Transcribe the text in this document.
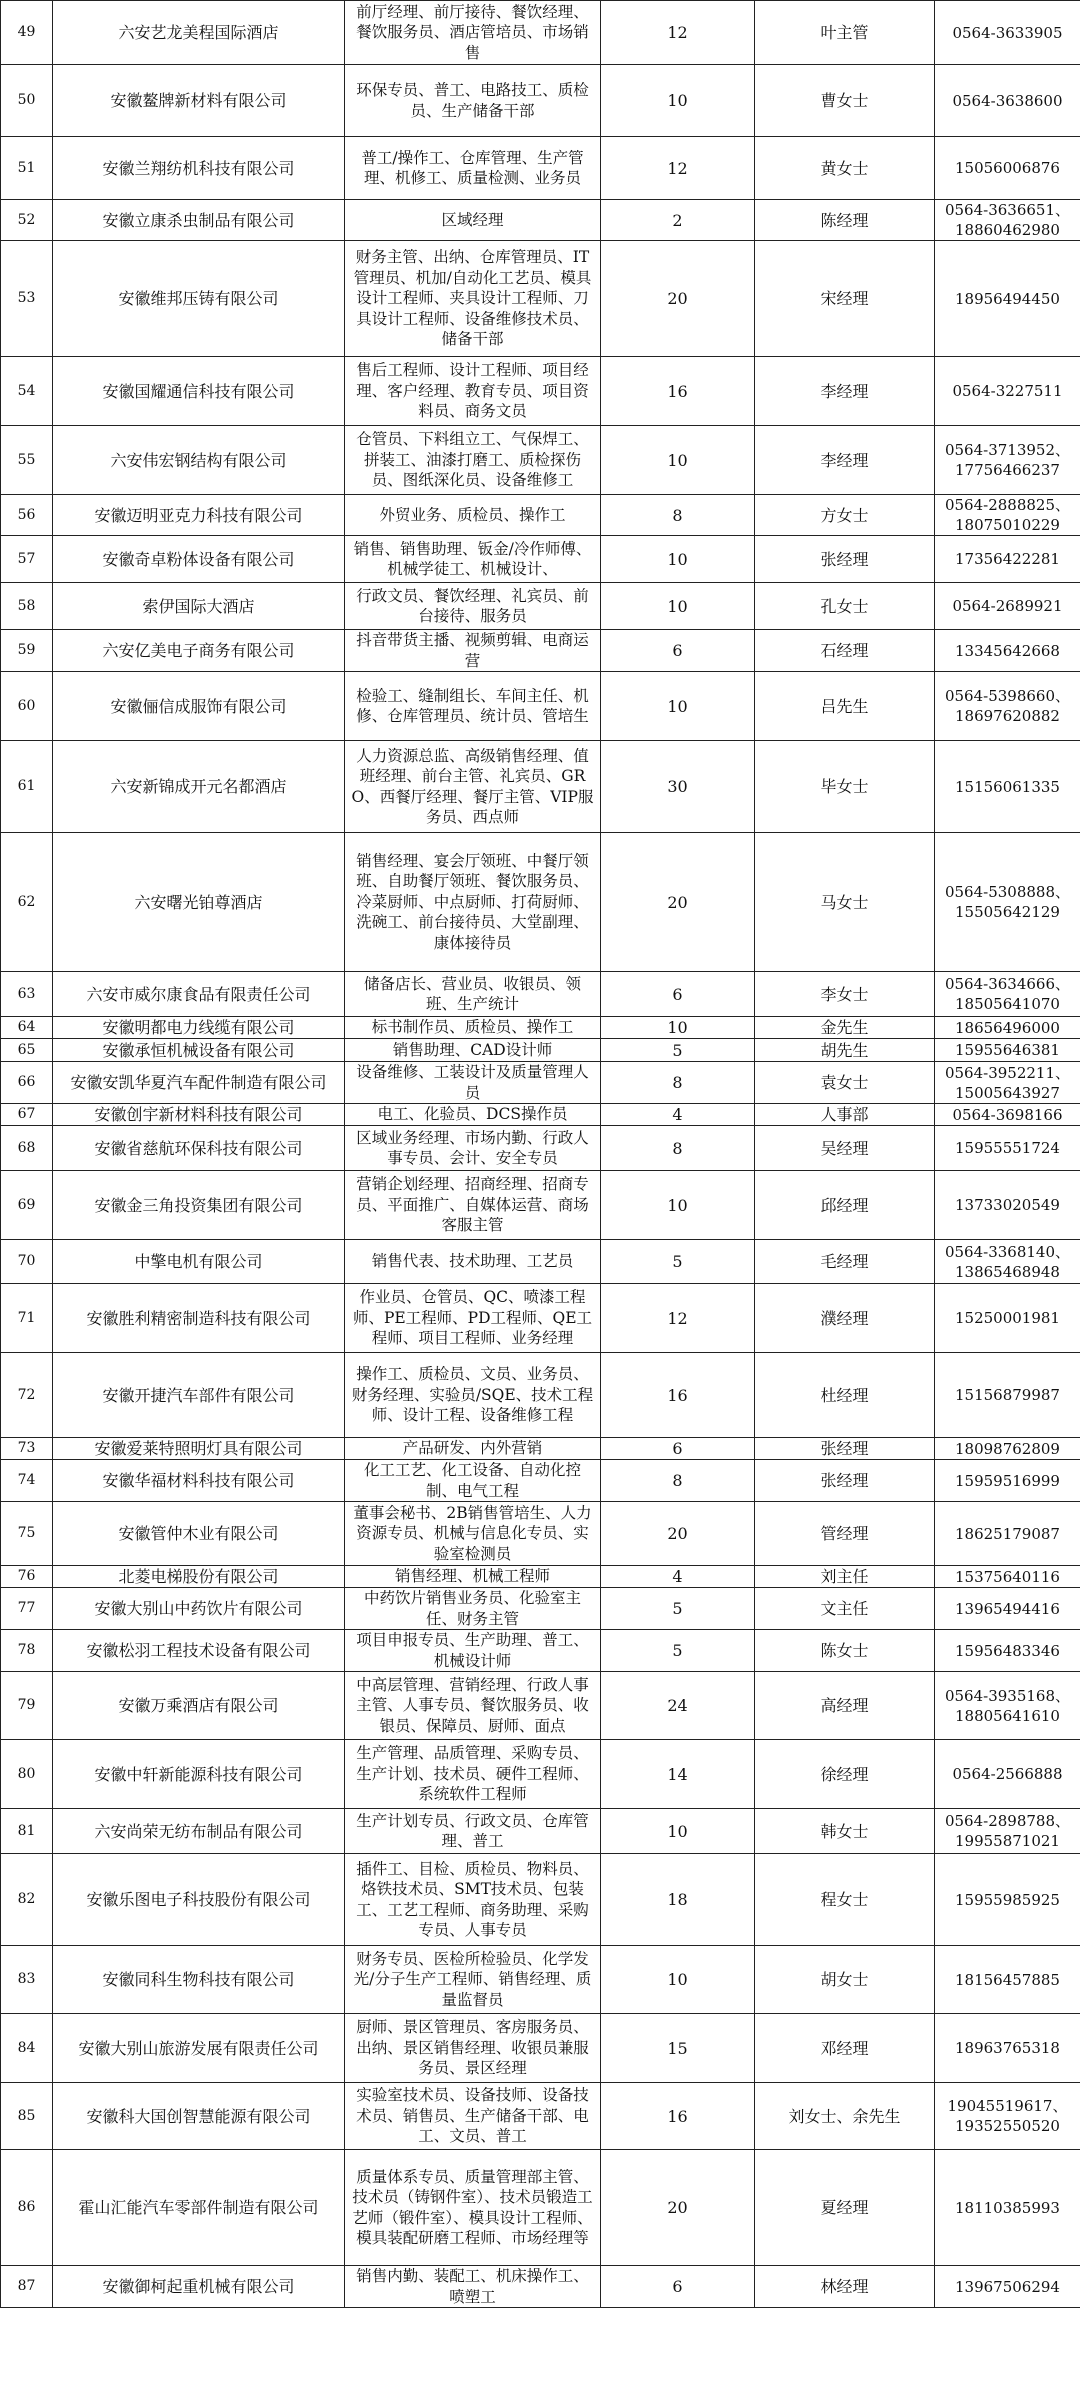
49	六安艺龙美程国际酒店	前厅经理、前厅接待、餐饮经理、餐饮服务员、酒店管培员、市场销售	12	叶主管	0564-3633905
50	安徽鳌牌新材料有限公司	环保专员、普工、电路技工、质检员、生产储备干部	10	曹女士	0564-3638600
51	安徽兰翔纺机科技有限公司	普工/操作工、仓库管理、生产管理、机修工、质量检测、业务员	12	黄女士	15056006876
52	安徽立康杀虫制品有限公司	区域经理	2	陈经理	0564-3636651、
18860462980
53	安徽维邦压铸有限公司	财务主管、出纳、仓库管理员、IT管理员、机加/自动化工艺员、模具设计工程师、夹具设计工程师、刀具设计工程师、设备维修技术员、储备干部	20	宋经理	18956494450
54	安徽国耀通信科技有限公司	售后工程师、设计工程师、项目经理、客户经理、教育专员、项目资料员、商务文员	16	李经理	0564-3227511
55	六安伟宏钢结构有限公司	仓管员、下料组立工、气保焊工、拼装工、油漆打磨工、质检探伤员、图纸深化员、设备维修工	10	李经理	0564-3713952、
17756466237
56	安徽迈明亚克力科技有限公司	外贸业务、质检员、操作工	8	方女士	0564-2888825、
18075010229
57	安徽奇卓粉体设备有限公司	销售、销售助理、钣金/冷作师傅、机械学徒工、机械设计、	10	张经理	17356422281
58	索伊国际大酒店	行政文员、餐饮经理、礼宾员、前台接待、服务员	10	孔女士	0564-2689921
59	六安亿美电子商务有限公司	抖音带货主播、视频剪辑、电商运营	6	石经理	13345642668
60	安徽俪信成服饰有限公司	检验工、缝制组长、车间主任、机修、仓库管理员、统计员、管培生	10	吕先生	0564-5398660、
18697620882
61	六安新锦成开元名都酒店	人力资源总监、高级销售经理、值班经理、前台主管、礼宾员、GRO、西餐厅经理、餐厅主管、VIP服务员、西点师	30	毕女士	15156061335
62	六安曙光铂尊酒店	销售经理、宴会厅领班、中餐厅领班、自助餐厅领班、餐饮服务员、冷菜厨师、中点厨师、打荷厨师、洗碗工、前台接待员、大堂副理、康体接待员	20	马女士	0564-5308888、
15505642129
63	六安市威尔康食品有限责任公司	储备店长、营业员、收银员、领班、生产统计	6	李女士	0564-3634666、
18505641070
64	安徽明都电力线缆有限公司	标书制作员、质检员、操作工	10	金先生	18656496000
65	安徽承恒机械设备有限公司	销售助理、CAD设计师	5	胡先生	15955646381
66	安徽安凯华夏汽车配件制造有限公司	设备维修、工装设计及质量管理人员	8	袁女士	0564-3952211、
15005643927
67	安徽创宇新材料科技有限公司	电工、化验员、DCS操作员	4	人事部	0564-3698166
68	安徽省慈航环保科技有限公司	区域业务经理、市场内勤、行政人事专员、会计、安全专员	8	吴经理	15955551724
69	安徽金三角投资集团有限公司	营销企划经理、招商经理、招商专员、平面推广、自媒体运营、商场客服主管	10	邱经理	13733020549
70	中擎电机有限公司	销售代表、技术助理、工艺员	5	毛经理	0564-3368140、
13865468948
71	安徽胜利精密制造科技有限公司	作业员、仓管员、QC、喷漆工程师、PE工程师、PD工程师、QE工程师、项目工程师、业务经理	12	濮经理	15250001981
72	安徽开捷汽车部件有限公司	操作工、质检员、文员、业务员、财务经理、实验员/SQE、技术工程师、设计工程、设备维修工程	16	杜经理	15156879987
73	安徽爱莱特照明灯具有限公司	产品研发、内外营销	6	张经理	18098762809
74	安徽华福材料科技有限公司	化工工艺、化工设备、自动化控制、电气工程	8	张经理	15959516999
75	安徽管仲木业有限公司	董事会秘书、2B销售管培生、人力资源专员、机械与信息化专员、实验室检测员	20	管经理	18625179087
76	北菱电梯股份有限公司	销售经理、机械工程师	4	刘主任	15375640116
77	安徽大别山中药饮片有限公司	中药饮片销售业务员、化验室主任、财务主管	5	文主任	13965494416
78	安徽松羽工程技术设备有限公司	项目申报专员、生产助理、普工、机械设计师	5	陈女士	15956483346
79	安徽万乘酒店有限公司	中高层管理、营销经理、行政人事主管、人事专员、餐饮服务员、收银员、保障员、厨师、面点	24	高经理	0564-3935168、
18805641610
80	安徽中轩新能源科技有限公司	生产管理、品质管理、采购专员、生产计划、技术员、硬件工程师、系统软件工程师	14	徐经理	0564-2566888
81	六安尚荣无纺布制品有限公司	生产计划专员、行政文员、仓库管理、普工	10	韩女士	0564-2898788、
19955871021
82	安徽乐图电子科技股份有限公司	插件工、目检、质检员、物料员、烙铁技术员、SMT技术员、包装工、工艺工程师、商务助理、采购专员、人事专员	18	程女士	15955985925
83	安徽同科生物科技有限公司	财务专员、医检所检验员、化学发光/分子生产工程师、销售经理、质量监督员	10	胡女士	18156457885
84	安徽大别山旅游发展有限责任公司	厨师、景区管理员、客房服务员、出纳、景区销售经理、收银员兼服务员、景区经理	15	邓经理	18963765318
85	安徽科大国创智慧能源有限公司	实验室技术员、设备技师、设备技术员、销售员、生产储备干部、电工、文员、普工	16	刘女士、余先生	19045519617、
19352550520
86	霍山汇能汽车零部件制造有限公司	质量体系专员、质量管理部主管、技术员（铸钢件室）、技术员锻造工艺师（锻件室）、模具设计工程师、模具装配研磨工程师、市场经理等	20	夏经理	18110385993
87	安徽御柯起重机械有限公司	销售内勤、装配工、机床操作工、喷塑工	6	林经理	13967506294
